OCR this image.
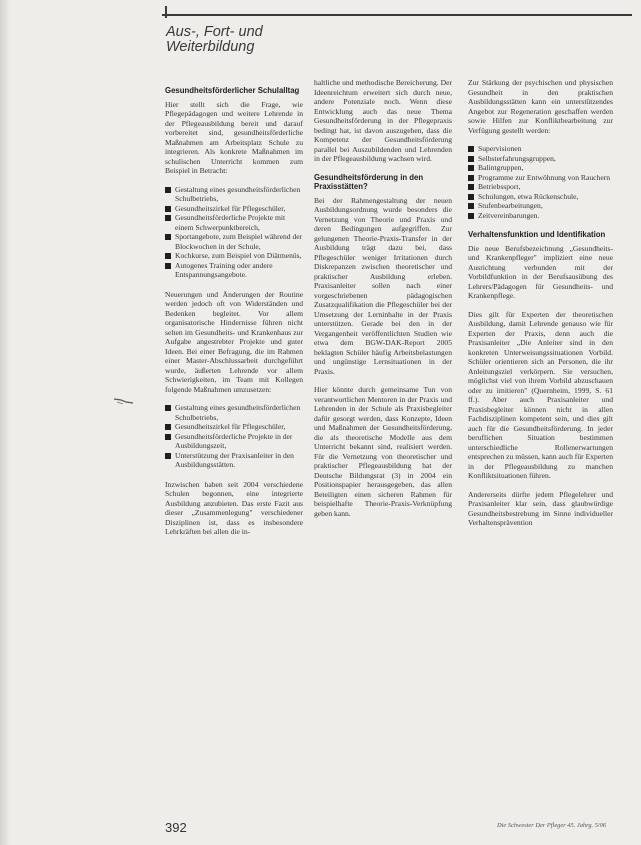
Aus-, Fort- und
Weiterbildung
Gesundheitsförderlicher Schulalltag

Hier stellt sich die Frage, wie Pflegepädagogen und weitere Lehrende in der Pflegeausbildung bereit und darauf vorbereitet sind, gesundheitsförderliche Maßnahmen am Arbeitsplatz Schule zu integrieren. Als konkrete Maßnahmen im schulischen Unterricht kommen zum Beispiel in Betracht:

Gestaltung eines gesundheitsförderlichen Schulbetriebs,
Gesundheitszirkel für Pflegeschüler,
Gesundheitsförderliche Projekte mit einem Schwerpunktbereich,
Sportangebote, zum Beispiel während der Blockwochen in der Schule,
Kochkurse, zum Beispiel von Diätmenüs,
Autogenes Training oder andere Entspannungsangebote.

Neuerungen und Änderungen der Routine werden jedoch oft von Widerständen und Bedenken begleitet. Vor allem organisatorische Hindernisse führen nicht selten im Gesundheits- und Krankenhaus zur Aufgabe angestrebter Projekte und guter Ideen. Bei einer Befragung, die im Rahmen einer Master-Abschlussarbeit durchgeführt wurde, äußerten Lehrende vor allem Schwierigkeiten, im Team mit Kollegen folgende Maßnahmen umzusetzen:

Gestaltung eines gesundheitsförderlichen Schulbetriebs,
Gesundheitszirkel für Pflegeschüler,
Gesundheitsförderliche Projekte in der Ausbildungszeit,
Unterstützung der Praxisanleiter in den Ausbildungsstätten.

Inzwischen haben seit 2004 verschiedene Schulen begonnen, eine integrierte Ausbildung anzubieten. Das erste Fazit aus dieser „Zusammenlegung" verschiedener Disziplinen ist, dass es insbesondere Lehrkräften bei allen die in-

haltliche und methodische Bereicherung. Der Ideenreichtum erweitert sich durch neue, andere Potenziale noch. Wenn diese Entwicklung auch das neue Thema Gesundheitsförderung in der Pflegepraxis bedingt hat, ist davon auszugehen, dass die Kompetenz der Gesundheitsförderung parallel bei Auszubildenden und Lehrenden in der Pflegeausbildung wachsen wird.

Gesundheitsförderung in den Praxisstätten?

Bei der Rahmengestaltung der neuen Ausbildungsordnung wurde besonders die Vernetzung von Theorie und Praxis und deren Bedingungen aufgegriffen. Zur gelungenen Theorie-Praxis-Transfer in der Ausbildung trägt dazu bei, dass Pflegeschüler weniger Irritationen durch Diskrepanzen zwischen theoretischer und praktischer Ausbildung erleben. Praxisanleiter sollen nach einer vorgeschriebenen pädagogischen Zusatzqualifikation die Pflegeschüler bei der Umsetzung der Lerninhalte in der Praxis unterstützen. Gerade bei den in der Vergangenheit veröffentlichten Studien wie etwa dem BGW-DAK-Report 2005 beklagten Schüler häufig Arbeitsbelastungen und ungünstige Lernsituationen in der Praxis.

Hier könnte durch gemeinsame Tun von verantwortlichen Mentoren in der Praxis und Lehrenden in der Schule als Praxisbegleiter dafür gesorgt werden, dass Konzepte, Ideen und Maßnahmen der Gesundheitsförderung, die als theoretische Modelle aus dem Unterricht bekannt sind, realisiert werden. Für die Vernetzung von theoretischer und praktischer Pflegeausbildung hat der Deutsche Bildungsrat (3) in 2004 ein Positionspapier herausgegeben, das allen Beteiligten einen sicheren Rahmen für beispielhafte Theorie-Praxis-Verknüpfung geben kann.

Zur Stärkung der psychischen und physischen Gesundheit in den praktischen Ausbildungsstätten kann ein unterstützendes Angebot zur Regeneration geschaffen werden sowie Hilfen zur Konfliktbearbeitung zur Verfügung gestellt werden:

Supervisionen
Selbsterfahrungsgruppen,
Balintgruppen,
Programme zur Entwöhnung von Rauchern
Betriebssport,
Schulungen, etwa Rückenschule,
Stufenbearbeitungen,
Zeitvereinbarungen.
Verhaltensfunktion und Identifikation

Die neue Berufsbezeichnung „Gesundheits- und Krankenpfleger" impliziert eine neue Ausrichtung verbunden mit der Vorbildfunktion in der Berufsausübung des Lehrers/Pädagogen für Gesundheits- und Krankenpflege.

Dies gilt für Experten der theoretischen Ausbildung, damit Lehrende genauso wie für Experten der Praxis, denn auch die Praxisanleiter „Die Anleiter sind in den konkreten Unterweisungssituationen Vorbild. Schüler orientieren sich an Personen, die ihr Anleitungsziel verkörpern. Sie versuchen, möglichst viel von ihrem Vorbild abzuschauen oder zu imitieren" (Quernheim, 1999, S. 61 ff.). Aber auch Praxisanleiter und Praxisbegleiter können nicht in allen Fachdisziplinen kompetent sein, und dies gilt auch für die Gesundheitsförderung. In jeder beruflichen Situation bestimmen unterschiedliche Rollenerwartungen entsprechen zu müssen, kann auch für Experten in der Pflegeausbildung zu manchen Konfliktsituationen führen.

Andererseits dürfte jedem Pflegelehrer und Praxisanleiter klar sein, dass glaubwürdige Gesundheitsbestrebung im Sinne individueller Verhaltensprävention

392	Die Schwester Der Pfleger 45. Jahrg. 5/06
